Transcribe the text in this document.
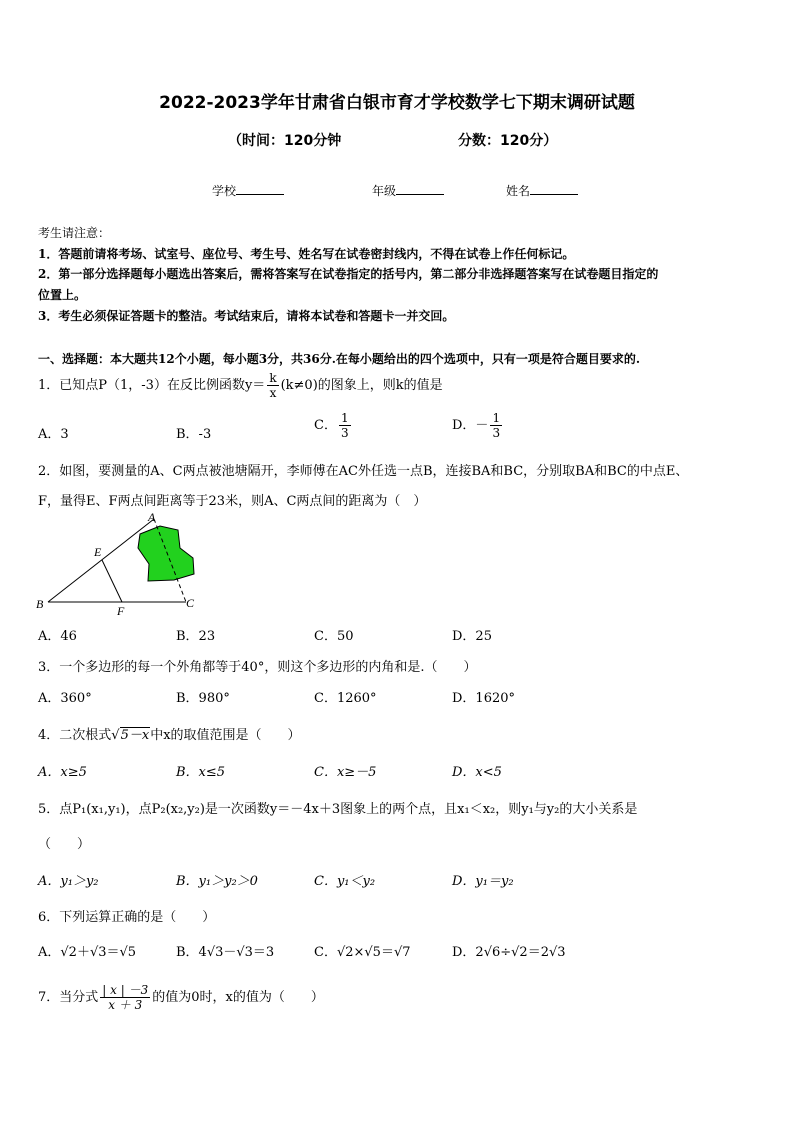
2022-2023学年甘肃省白银市育才学校数学七下期末调研试题
（时间：120分钟	分数：120分）
学校	年级	姓名
考生请注意：
1．答题前请将考场、试室号、座位号、考生号、姓名写在试卷密封线内，不得在试卷上作任何标记。
2．第一部分选择题每小题选出答案后，需将答案写在试卷指定的括号内，第二部分非选择题答案写在试卷题目指定的
位置上。
3．考生必须保证答题卡的整洁。考试结束后，请将本试卷和答题卡一并交回。
一、选择题：本大题共12个小题，每小题3分，共36分.在每小题给出的四个选项中，只有一项是符合题目要求的.
1．已知点P（1，-3）在反比例函数$y= \frac{k}{x} (k\ne 0)$的图象上，则k的值是
A．3	B．-3
C． $\frac{1}{3}$	D．－ $\frac{1}{3}$
2．如图，要测量的A、C两点被池塘隔开，李师傅在AC外任选一点B，连接BA和BC，分别取BA和BC的中点E、
F，量得E、F两点间距离等于23米，则A、C两点间的距离为（　）
A
E
B	F
C
A．46	B．23	C．50	D．25
3．一个多边形的每一个外角都等于40°，则这个多边形的内角和是.（　　）
A．360°	B．980°	C．1260°	D．1620°
4．二次根式√5－x中x的取值范围是（　　）
A．x≥5	B．x≤5	C．x≥－5	D．x<5
5．点P₁(x₁,y₁)，点P₂(x₂,y₂)是一次函数y＝－4x＋3图象上的两个点，且x₁＜x₂，则y₁与y₂的大小关系是
（　　）
A．y₁＞y₂	B．y₁＞y₂＞0	C．y₁＜y₂	D．y₁＝y₂
6．下列运算正确的是（　　）
A．√2＋√3＝√5	B．4√3－√3＝3	C．√2×√5＝√7	D．2√6÷√2＝2√3
7．当分式 $\frac{| x | -3}{x + 3}$ 的值为0时，x的值为（　　）
